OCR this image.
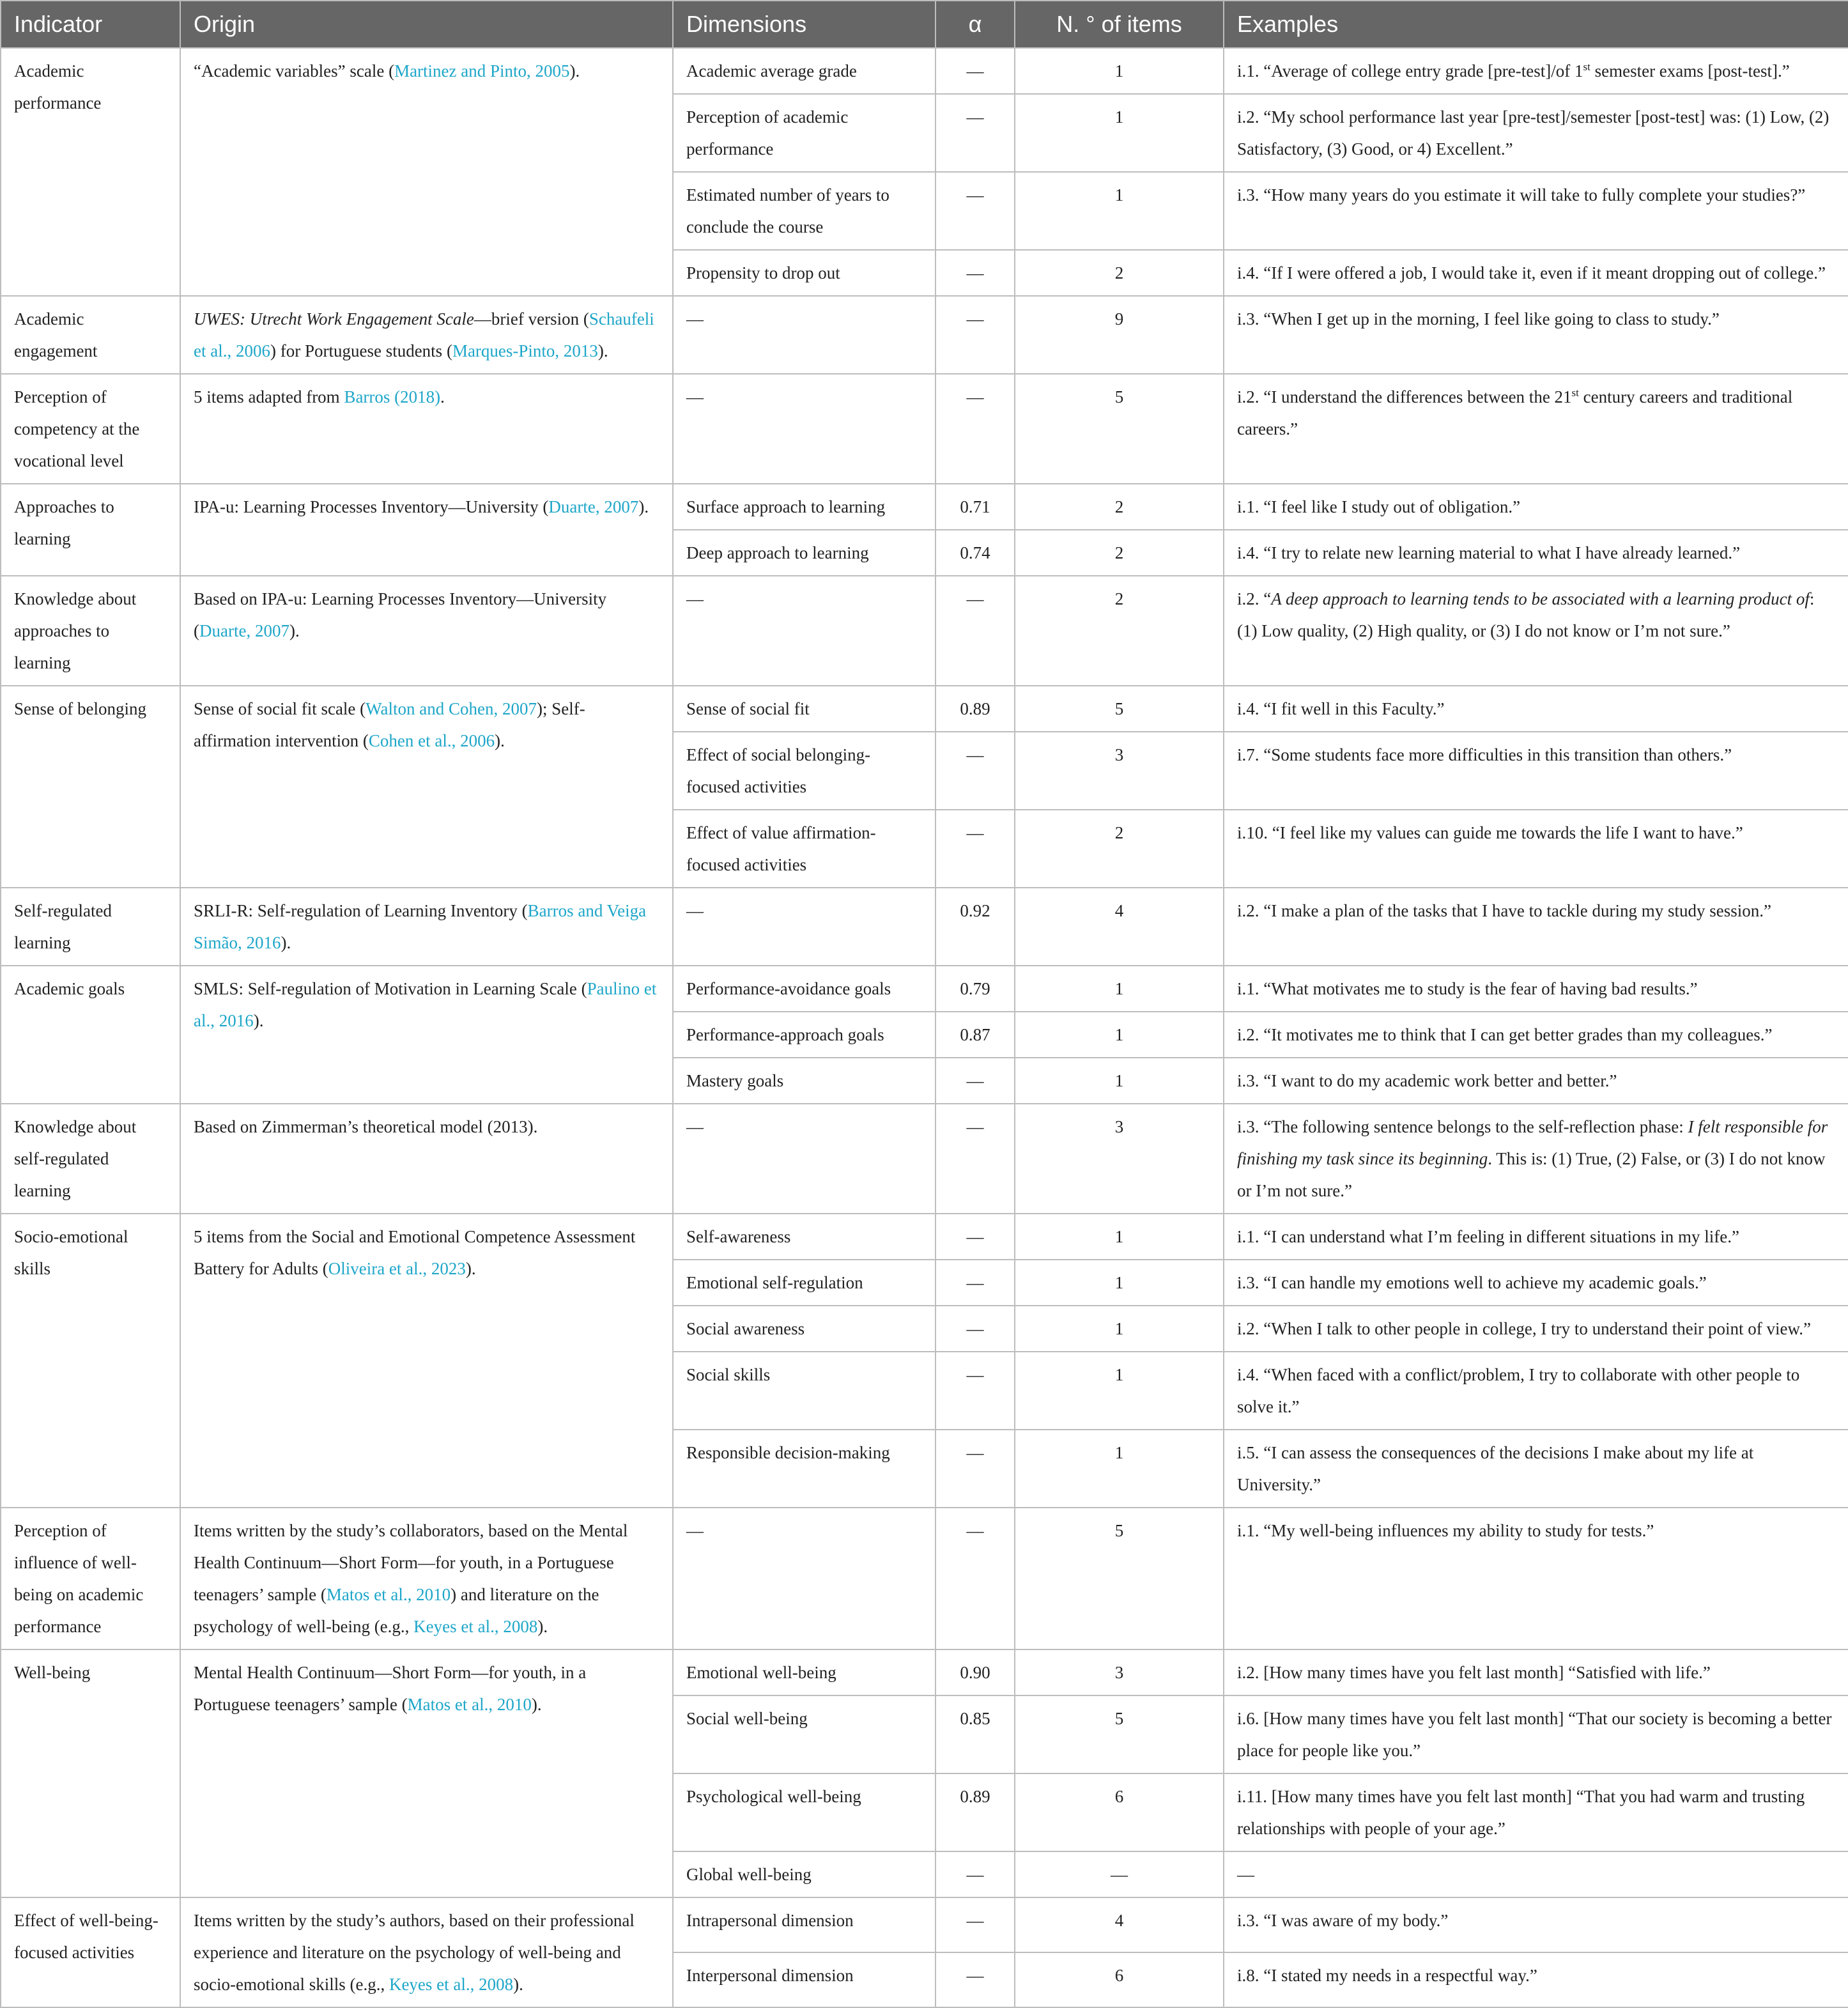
Indicator	Origin	Dimensions	α	N. ° of items	Examples
Academic performance	“Academic variables” scale (Martinez and Pinto, 2005).	Academic average grade	—	1	i.1. “Average of college entry grade [pre-test]/of 1st semester exams [post-test].”
		Perception of academic performance	—	1	i.2. “My school performance last year [pre-test]/semester [post-test] was: (1) Low, (2) Satisfactory, (3) Good, or 4) Excellent.”
		Estimated number of years to conclude the course	—	1	i.3. “How many years do you estimate it will take to fully complete your studies?”
		Propensity to drop out	—	2	i.4. “If I were offered a job, I would take it, even if it meant dropping out of college.”
Academic engagement	UWES: Utrecht Work Engagement Scale—brief version (Schaufeli et al., 2006) for Portuguese students (Marques-Pinto, 2013).	—	—	9	i.3. “When I get up in the morning, I feel like going to class to study.”
Perception of competency at the vocational level	5 items adapted from Barros (2018).	—	—	5	i.2. “I understand the differences between the 21st century careers and traditional careers.”
Approaches to learning	IPA-u: Learning Processes Inventory—University (Duarte, 2007).	Surface approach to learning	0.71	2	i.1. “I feel like I study out of obligation.”
		Deep approach to learning	0.74	2	i.4. “I try to relate new learning material to what I have already learned.”
Knowledge about approaches to learning	Based on IPA-u: Learning Processes Inventory—University (Duarte, 2007).	—	—	2	i.2. “A deep approach to learning tends to be associated with a learning product of: (1) Low quality, (2) High quality, or (3) I do not know or I’m not sure.”
Sense of belonging	Sense of social fit scale (Walton and Cohen, 2007); Self-affirmation intervention (Cohen et al., 2006).	Sense of social fit	0.89	5	i.4. “I fit well in this Faculty.”
		Effect of social belonging-focused activities	—	3	i.7. “Some students face more difficulties in this transition than others.”
		Effect of value affirmation-focused activities	—	2	i.10. “I feel like my values can guide me towards the life I want to have.”
Self-regulated learning	SRLI-R: Self-regulation of Learning Inventory (Barros and Veiga Simão, 2016).	—	0.92	4	i.2. “I make a plan of the tasks that I have to tackle during my study session.”
Academic goals	SMLS: Self-regulation of Motivation in Learning Scale (Paulino et al., 2016).	Performance-avoidance goals	0.79	1	i.1. “What motivates me to study is the fear of having bad results.”
		Performance-approach goals	0.87	1	i.2. “It motivates me to think that I can get better grades than my colleagues.”
		Mastery goals	—	1	i.3. “I want to do my academic work better and better.”
Knowledge about self-regulated learning	Based on Zimmerman’s theoretical model (2013).	—	—	3	i.3. “The following sentence belongs to the self-reflection phase: I felt responsible for finishing my task since its beginning. This is: (1) True, (2) False, or (3) I do not know or I’m not sure.”
Socio-emotional skills	5 items from the Social and Emotional Competence Assessment Battery for Adults (Oliveira et al., 2023).	Self-awareness	—	1	i.1. “I can understand what I’m feeling in different situations in my life.”
		Emotional self-regulation	—	1	i.3. “I can handle my emotions well to achieve my academic goals.”
		Social awareness	—	1	i.2. “When I talk to other people in college, I try to understand their point of view.”
		Social skills	—	1	i.4. “When faced with a conflict/problem, I try to collaborate with other people to solve it.”
		Responsible decision-making	—	1	i.5. “I can assess the consequences of the decisions I make about my life at University.”
Perception of influence of well-being on academic performance	Items written by the study’s collaborators, based on the Mental Health Continuum—Short Form—for youth, in a Portuguese teenagers’ sample (Matos et al., 2010) and literature on the psychology of well-being (e.g., Keyes et al., 2008).	—	—	5	i.1. “My well-being influences my ability to study for tests.”
Well-being	Mental Health Continuum—Short Form—for youth, in a Portuguese teenagers’ sample (Matos et al., 2010).	Emotional well-being	0.90	3	i.2. [How many times have you felt last month] “Satisfied with life.”
		Social well-being	0.85	5	i.6. [How many times have you felt last month] “That our society is becoming a better place for people like you.”
		Psychological well-being	0.89	6	i.11. [How many times have you felt last month] “That you had warm and trusting relationships with people of your age.”
		Global well-being	—	—	—
Effect of well-being-focused activities	Items written by the study’s authors, based on their professional experience and literature on the psychology of well-being and socio-emotional skills (e.g., Keyes et al., 2008).	Intrapersonal dimension	—	4	i.3. “I was aware of my body.”
		Interpersonal dimension	—	6	i.8. “I stated my needs in a respectful way.”
